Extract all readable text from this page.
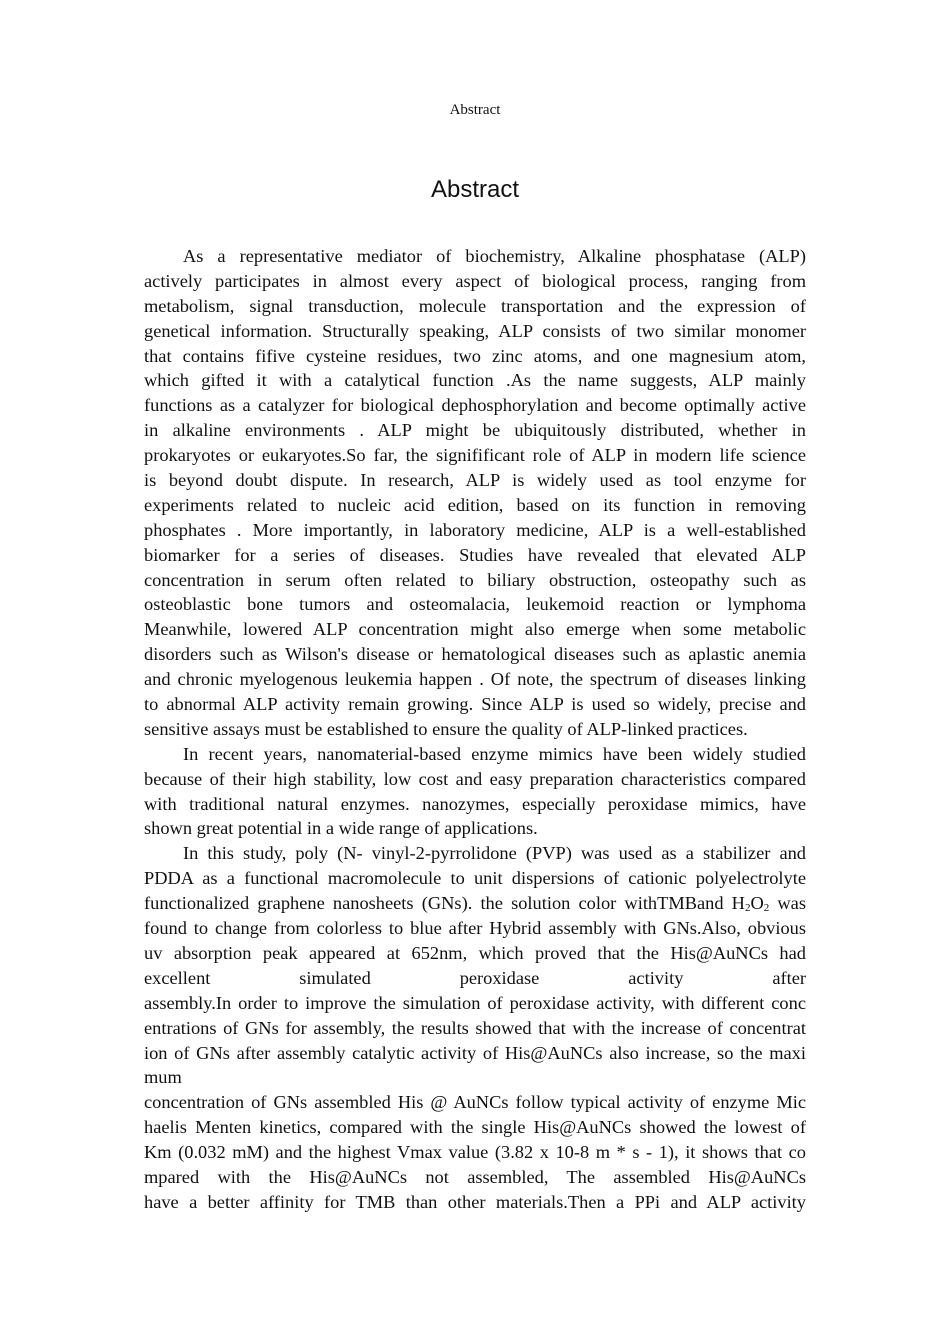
Abstract
Abstract
As a representative mediator of biochemistry, Alkaline phosphatase (ALP)
actively participates in almost every aspect of biological process, ranging from
metabolism, signal transduction, molecule transportation and the expression of
genetical information. Structurally speaking, ALP consists of two similar monomer
that contains fifive cysteine residues, two zinc atoms, and one magnesium atom,
which gifted it with a catalytical function .As the name suggests, ALP mainly
functions as a catalyzer for biological dephosphorylation and become optimally active
in alkaline environments . ALP might be ubiquitously distributed, whether in
prokaryotes or eukaryotes.So far, the signifificant role of ALP in modern life science
is beyond doubt dispute. In research, ALP is widely used as tool enzyme for
experiments related to nucleic acid edition, based on its function in removing
phosphates . More importantly, in laboratory medicine, ALP is a well-established
biomarker for a series of diseases. Studies have revealed that elevated ALP
concentration in serum often related to biliary obstruction, osteopathy such as
osteoblastic bone tumors and osteomalacia, leukemoid reaction or lymphoma
Meanwhile, lowered ALP concentration might also emerge when some metabolic
disorders such as Wilson's disease or hematological diseases such as aplastic anemia
and chronic myelogenous leukemia happen . Of note, the spectrum of diseases linking
to abnormal ALP activity remain growing. Since ALP is used so widely, precise and
sensitive assays must be established to ensure the quality of ALP-linked practices.
In recent years, nanomaterial-based enzyme mimics have been widely studied
because of their high stability, low cost and easy preparation characteristics compared
with traditional natural enzymes. nanozymes, especially peroxidase mimics, have
shown great potential in a wide range of applications.
In this study, poly (N- vinyl-2-pyrrolidone (PVP) was used as a stabilizer and
PDDA as a functional macromolecule to unit dispersions of cationic polyelectrolyte
functionalized graphene nanosheets (GNs). the solution color withTMBand $H_2O_2$ was
found to change from colorless to blue after Hybrid assembly with GNs.Also, obvious
uv absorption peak appeared at 652nm, which proved that the His@AuNCs had
excellent simulated peroxidase activity after
assembly.In order to improve the simulation of peroxidase activity, with different conc
entrations of GNs for assembly, the results showed that with the increase of concentrat
ion of GNs after assembly catalytic activity of His@AuNCs also increase, so the maxi
mum
concentration of GNs assembled His @ AuNCs follow typical activity of enzyme Mic
haelis Menten kinetics, compared with the single His@AuNCs showed the lowest of
Km (0.032 mM) and the highest Vmax value (3.82 x 10-8 m * s - 1), it shows that co
mpared with the His@AuNCs not assembled, The assembled His@AuNCs
have a better affinity for TMB than other materials.Then a PPi and ALP activity
